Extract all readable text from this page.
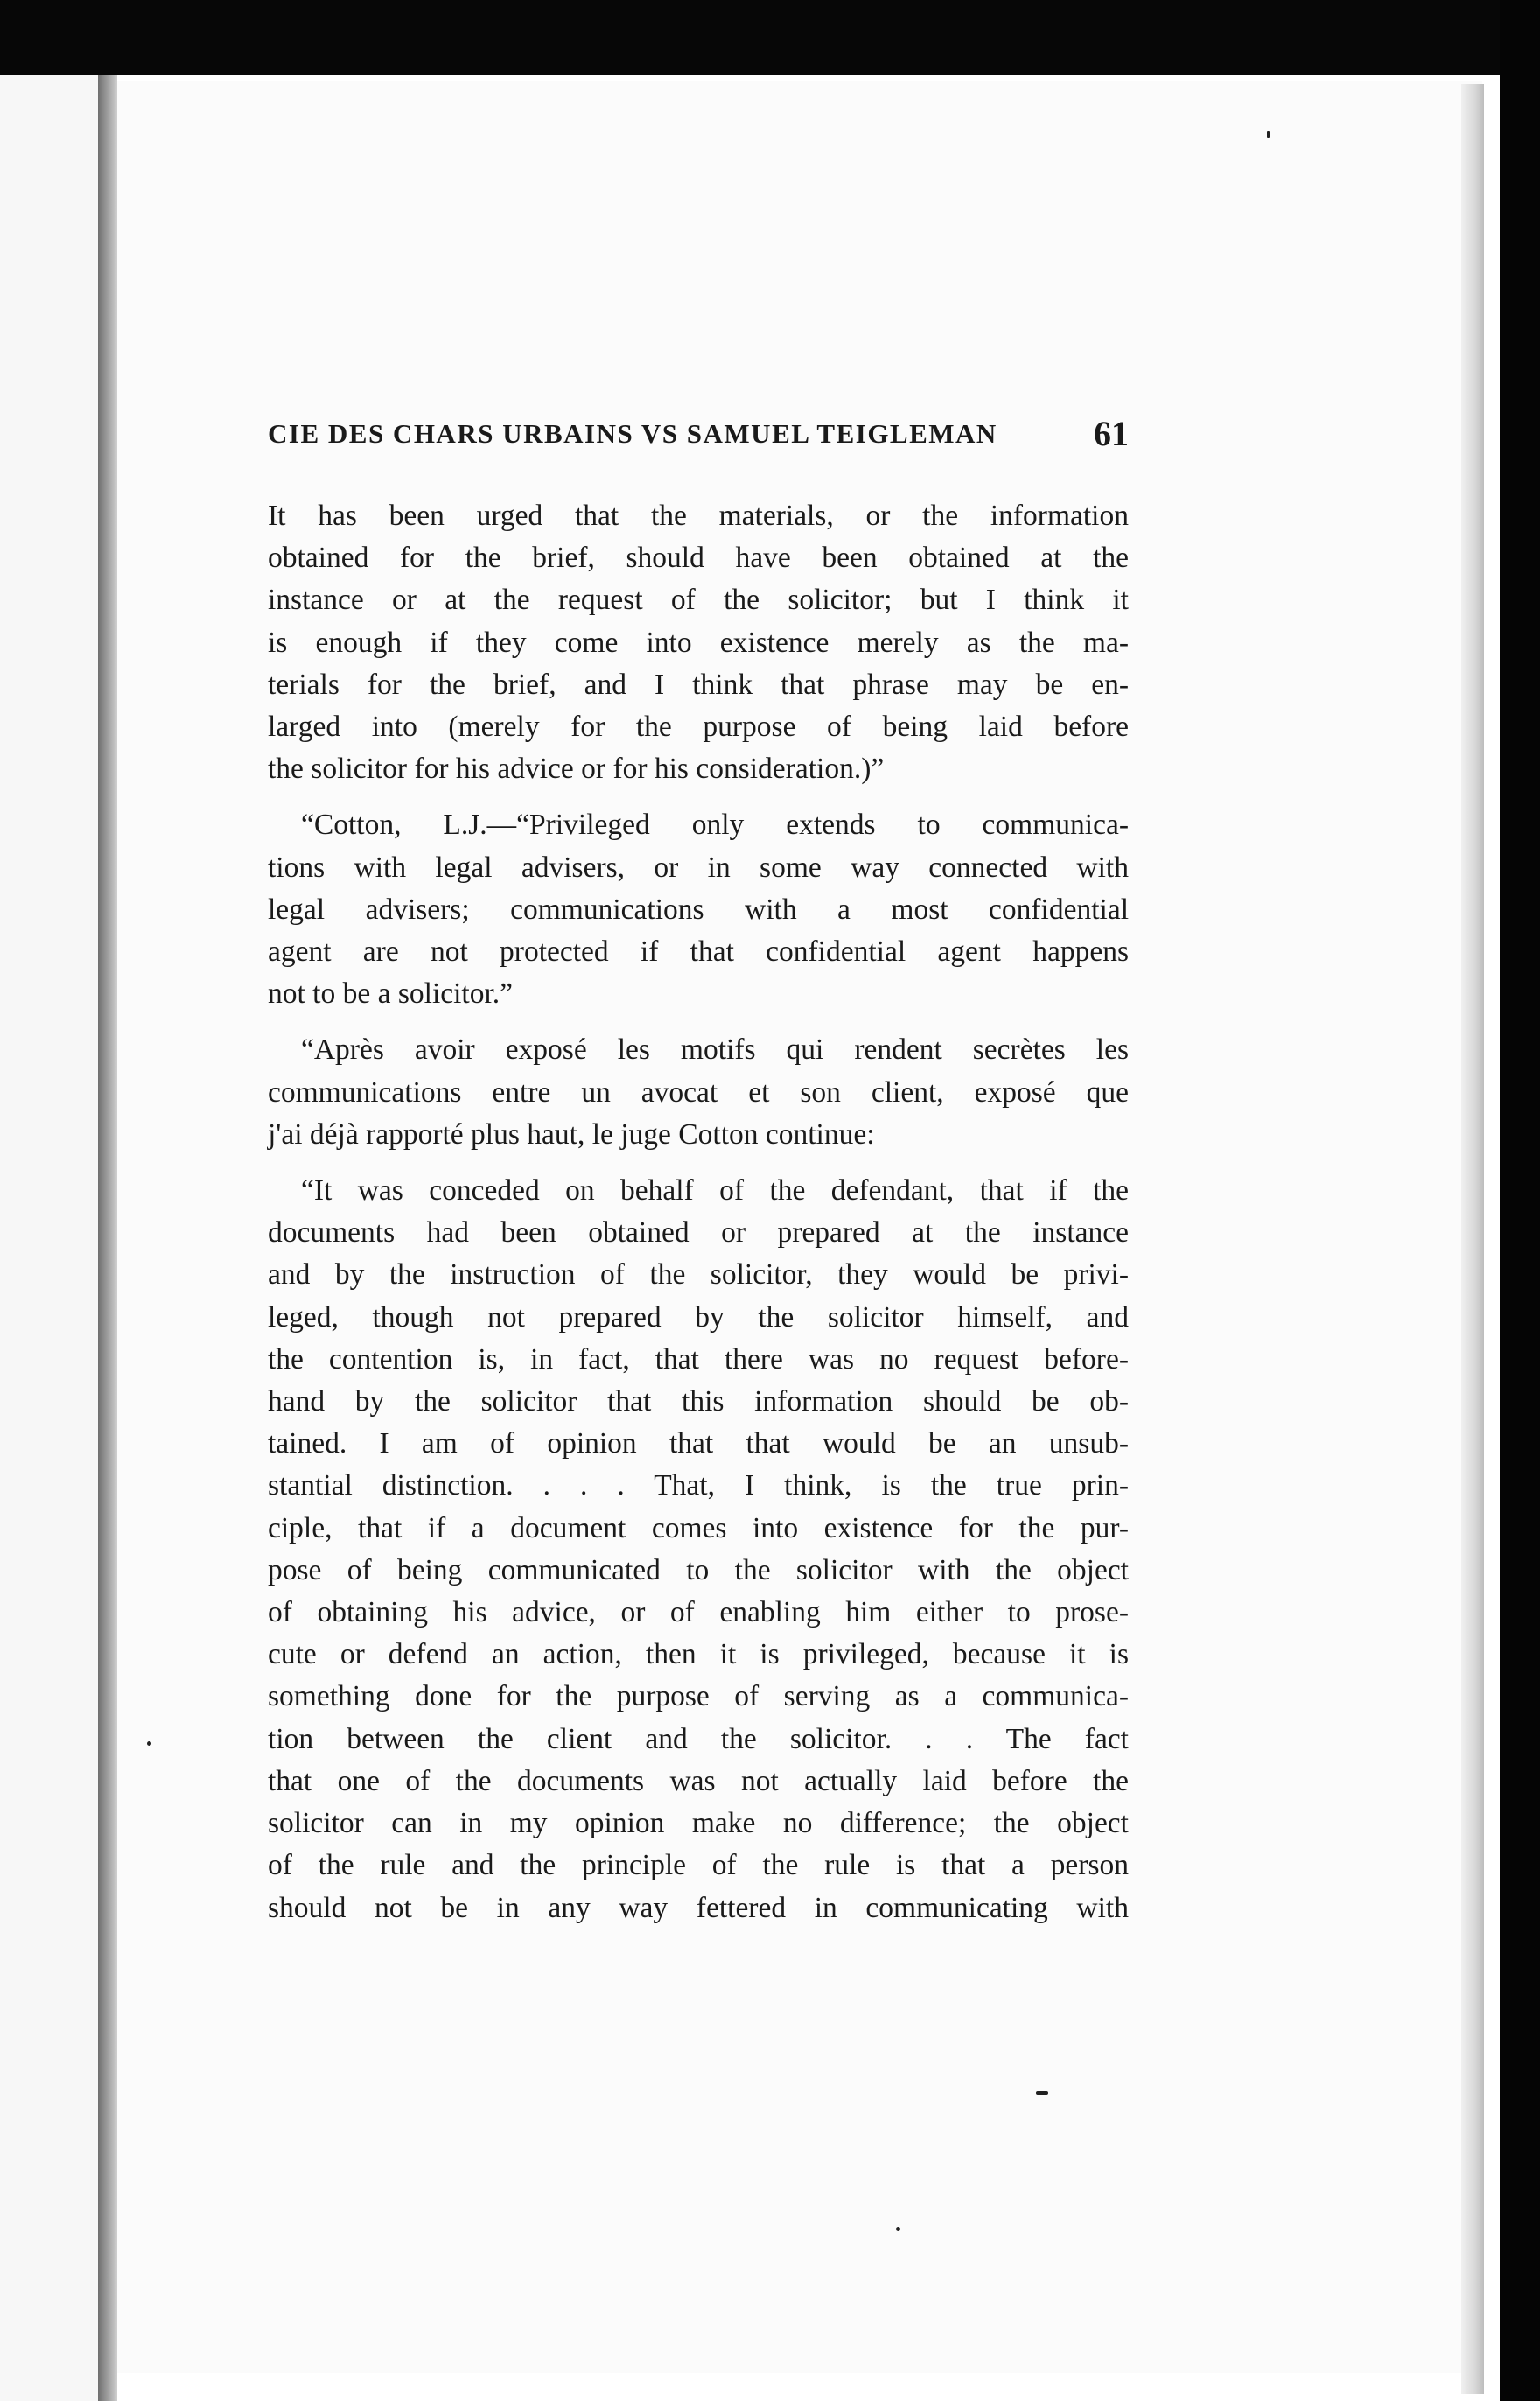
CIE DES CHARS URBAINS VS SAMUEL TEIGLEMAN	61

It has been urged that the materials, or the information
obtained for the brief, should have been obtained at the
instance or at the request of the solicitor; but I think it
is enough if they come into existence merely as the ma-
terials for the brief, and I think that phrase may be en-
larged into (merely for the purpose of being laid before
the solicitor for his advice or for his consideration.)”

“Cotton, L.J.—“Privileged only extends to communica-
tions with legal advisers, or in some way connected with
legal advisers; communications with a most confidential
agent are not protected if that confidential agent happens
not to be a solicitor.”

“Après avoir exposé les motifs qui rendent secrètes les
communications entre un avocat et son client, exposé que
j'ai déjà rapporté plus haut, le juge Cotton continue:

“It was conceded on behalf of the defendant, that if the
documents had been obtained or prepared at the instance
and by the instruction of the solicitor, they would be privi-
leged, though not prepared by the solicitor himself, and
the contention is, in fact, that there was no request before-
hand by the solicitor that this information should be ob-
tained. I am of opinion that that would be an unsub-
stantial distinction. . . . That, I think, is the true prin-
ciple, that if a document comes into existence for the pur-
pose of being communicated to the solicitor with the object
of obtaining his advice, or of enabling him either to prose-
cute or defend an action, then it is privileged, because it is
something done for the purpose of serving as a communica-
tion between the client and the solicitor. . . The fact
that one of the documents was not actually laid before the
solicitor can in my opinion make no difference; the object
of the rule and the principle of the rule is that a person
should not be in any way fettered in communicating with
